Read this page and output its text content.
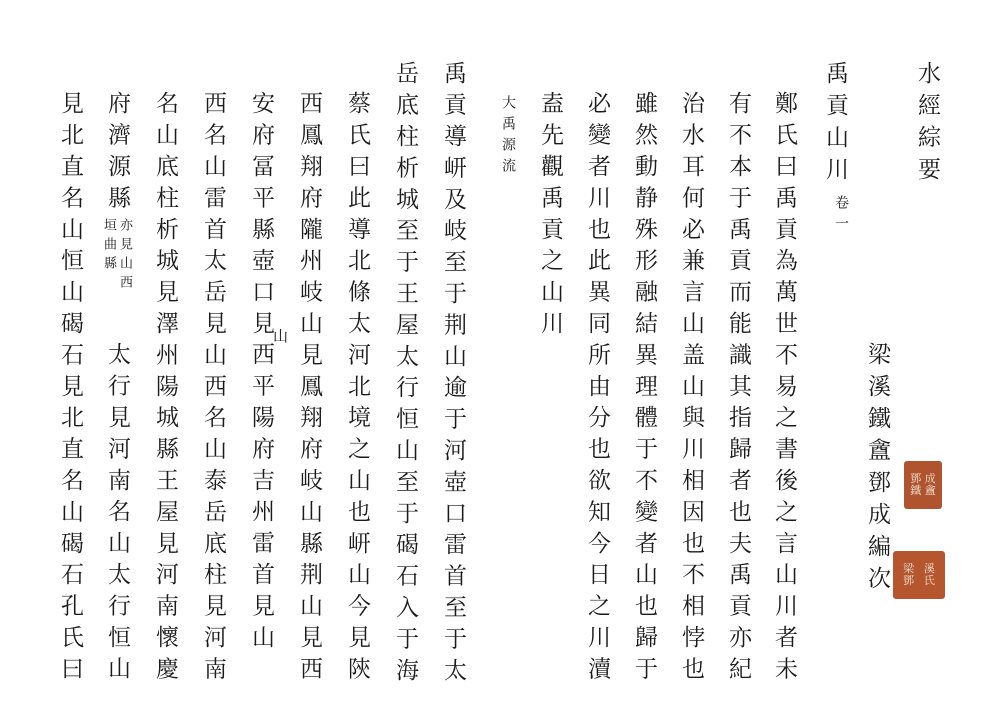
水經綜要
梁溪鐵盦鄧成編次
禹貢山川
卷一
鄭氏曰禹貢為萬世不易之書後之言山川者未
有不本于禹貢而能識其指歸者也夫禹貢亦紀
治水耳何必兼言山盖山與川相因也不相悖也
雖然動静殊形融結異理體于不變者山也歸于
必變者川也此異同所由分也欲知今日之川瀆
盍先觀禹貢之山川
大禹源流
禹貢導岍及岐至于荆山逾于河壺口雷首至于太
岳底柱析城至于王屋太行恒山至于碣石入于海
蔡氏曰此導北條太河北境之山也岍山今見陝
西鳳翔府隴州岐山見鳳翔府岐山縣荆山見西
安府冨平縣壺口見
山
西平陽府吉州雷首見山
西名山雷首太岳見山西名山泰岳底柱見河南
名山底柱析城見澤州陽城縣王屋見河南懷慶
府濟源縣
亦見山西
垣曲縣
太行見河南名山太行恒山
見北直名山恒山碣石見北直名山碣石孔氏曰	鄧 成
鐵 盦
梁 溪
鄧 氏
